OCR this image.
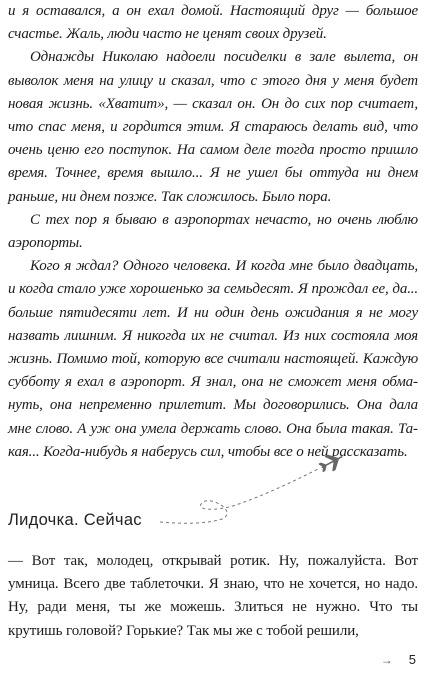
и я оставался, а он ехал домой. Настоящий друг — большое счастье. Жаль, люди часто не ценят своих друзей.

Однажды Николаю надоели посиделки в зале вылета, он выволок меня на улицу и сказал, что с этого дня у меня будет новая жизнь. «Хватит», — сказал он. Он до сих пор считает, что спас меня, и гордится этим. Я стараюсь делать вид, что очень ценю его поступок. На самом деле тогда просто пришло время. Точнее, время вышло... Я не ушел бы оттуда ни днем раньше, ни днем позже. Так сложилось. Было пора.

С тех пор я бываю в аэропортах нечасто, но очень люблю аэропорты.

Кого я ждал? Одного человека. И когда мне было двадцать, и когда стало уже хорошенько за семьдесят. Я прождал ее, да... больше пятидесяти лет. И ни один день ожидания я не могу назвать лишним. Я никогда их не считал. Из них состояла моя жизнь. Помимо той, которую все считали настоящей. Каждую субботу я ехал в аэропорт. Я знал, она не сможет меня обмануть, она непременно прилетит. Мы договорились. Она дала мне слово. А уж она умела держать слово. Она была такая. Такая... Когда-нибудь я наберусь сил, чтобы все о ней рассказать.

Лидочка. Сейчас

— Вот так, молодец, открывай ротик. Ну, пожалуйста. Вот умница. Всего две таблеточки. Я знаю, что не хочется, но надо. Ну, ради меня, ты же можешь. Злиться не нужно. Что ты крутишь головой? Горькие? Так мы же с тобой решили,

→ 5
